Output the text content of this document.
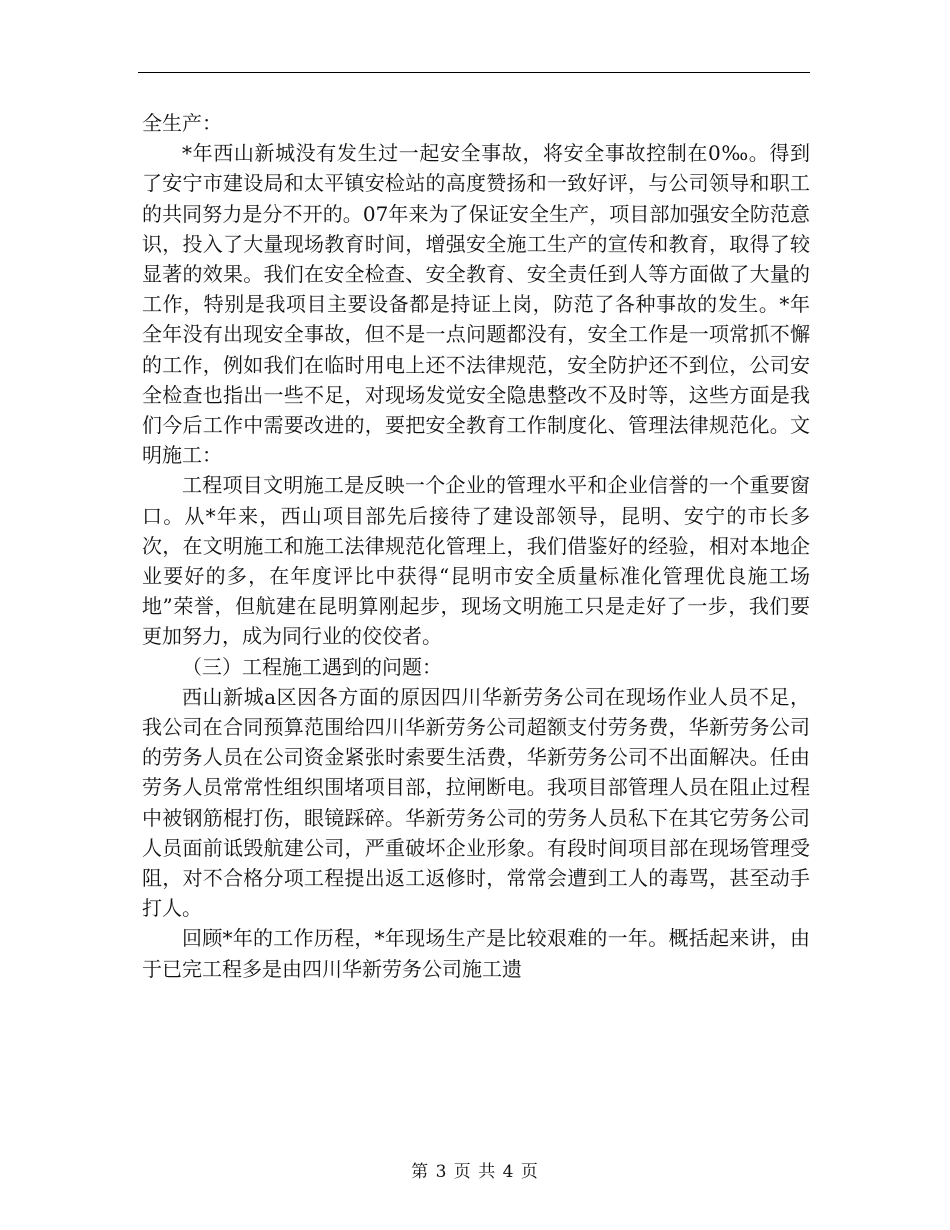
全生产：

*年西山新城没有发生过一起安全事故，将安全事故控制在0‰。得到了安宁市建设局和太平镇安检站的高度赞扬和一致好评，与公司领导和职工的共同努力是分不开的。07年来为了保证安全生产，项目部加强安全防范意识，投入了大量现场教育时间，增强安全施工生产的宣传和教育，取得了较显著的效果。我们在安全检查、安全教育、安全责任到人等方面做了大量的工作，特别是我项目主要设备都是持证上岗，防范了各种事故的发生。*年全年没有出现安全事故，但不是一点问题都没有，安全工作是一项常抓不懈的工作，例如我们在临时用电上还不法律规范，安全防护还不到位，公司安全检查也指出一些不足，对现场发觉安全隐患整改不及时等，这些方面是我们今后工作中需要改进的，要把安全教育工作制度化、管理法律规范化。文明施工：

工程项目文明施工是反映一个企业的管理水平和企业信誉的一个重要窗口。从*年来，西山项目部先后接待了建设部领导，昆明、安宁的市长多次，在文明施工和施工法律规范化管理上，我们借鉴好的经验，相对本地企业要好的多，在年度评比中获得“昆明市安全质量标准化管理优良施工场地”荣誉，但航建在昆明算刚起步，现场文明施工只是走好了一步，我们要更加努力，成为同行业的佼佼者。

（三）工程施工遇到的问题：

西山新城a区因各方面的原因四川华新劳务公司在现场作业人员不足，我公司在合同预算范围给四川华新劳务公司超额支付劳务费，华新劳务公司的劳务人员在公司资金紧张时索要生活费，华新劳务公司不出面解决。任由劳务人员常常性组织围堵项目部，拉闸断电。我项目部管理人员在阻止过程中被钢筋棍打伤，眼镜踩碎。华新劳务公司的劳务人员私下在其它劳务公司人员面前诋毁航建公司，严重破坏企业形象。有段时间项目部在现场管理受阻，对不合格分项工程提出返工返修时，常常会遭到工人的毒骂，甚至动手打人。

回顾*年的工作历程，*年现场生产是比较艰难的一年。概括起来讲，由于已完工程多是由四川华新劳务公司施工遗

第 3 页 共 4 页
